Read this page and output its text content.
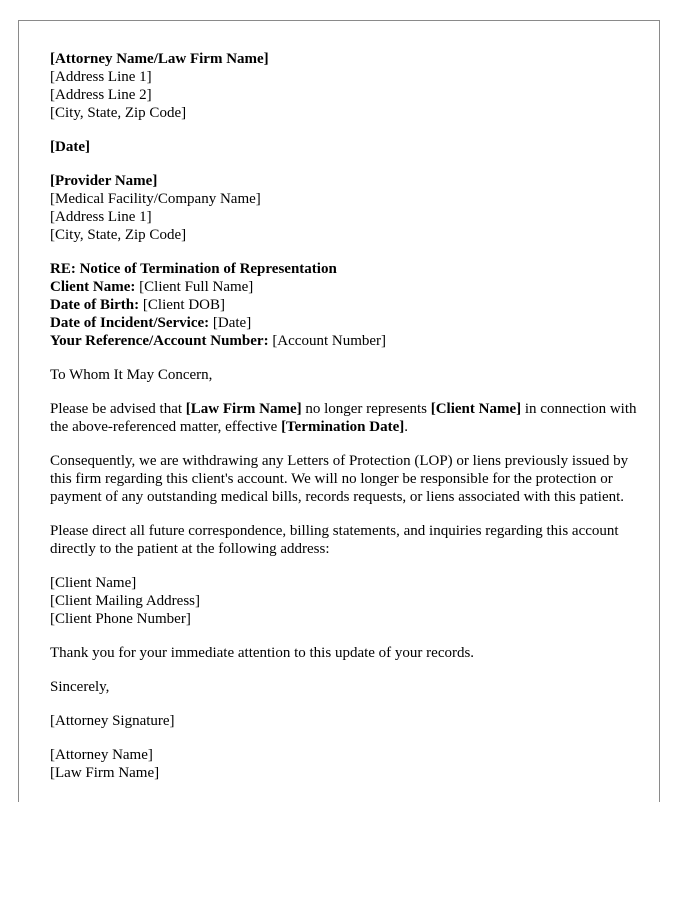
[Attorney Name/Law Firm Name]
[Address Line 1]
[Address Line 2]
[City, State, Zip Code]
[Date]
[Provider Name]
[Medical Facility/Company Name]
[Address Line 1]
[City, State, Zip Code]
RE: Notice of Termination of Representation
Client Name: [Client Full Name]
Date of Birth: [Client DOB]
Date of Incident/Service: [Date]
Your Reference/Account Number: [Account Number]
To Whom It May Concern,
Please be advised that [Law Firm Name] no longer represents [Client Name] in connection with the above-referenced matter, effective [Termination Date].
Consequently, we are withdrawing any Letters of Protection (LOP) or liens previously issued by this firm regarding this client's account. We will no longer be responsible for the protection or payment of any outstanding medical bills, records requests, or liens associated with this patient.
Please direct all future correspondence, billing statements, and inquiries regarding this account directly to the patient at the following address:
[Client Name]
[Client Mailing Address]
[Client Phone Number]
Thank you for your immediate attention to this update of your records.
Sincerely,
[Attorney Signature]
[Attorney Name]
[Law Firm Name]
